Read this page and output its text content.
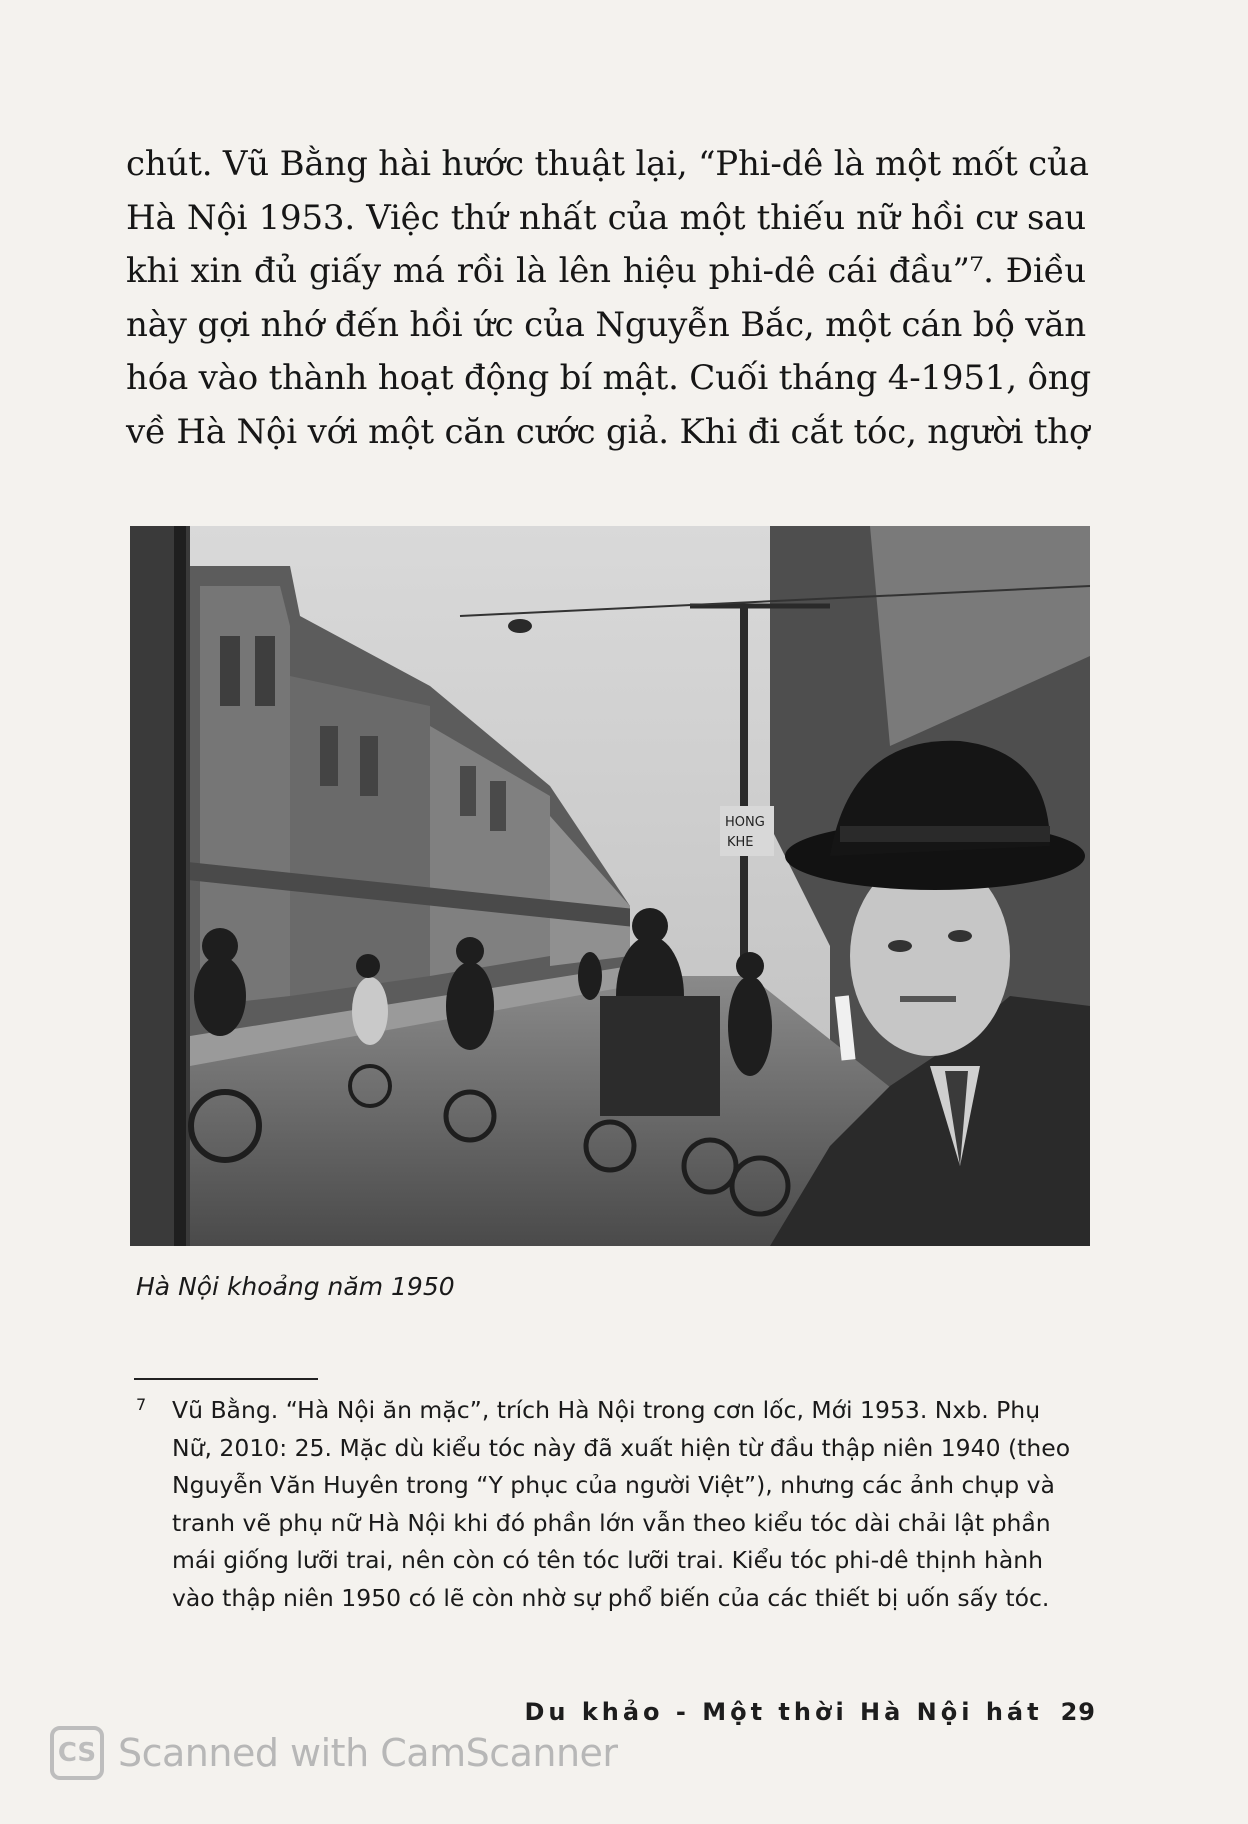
chút. Vũ Bằng hài hước thuật lại, “Phi-dê là một mốt của
Hà Nội 1953. Việc thứ nhất của một thiếu nữ hồi cư sau
khi xin đủ giấy má rồi là lên hiệu phi-dê cái đầu”⁷. Điều
này gợi nhớ đến hồi ức của Nguyễn Bắc, một cán bộ văn
hóa vào thành hoạt động bí mật. Cuối tháng 4-1951, ông
về Hà Nội với một căn cước giả. Khi đi cắt tóc, người thợ
HONG
KHE
Hà Nội khoảng năm 1950
7 Vũ Bằng. “Hà Nội ăn mặc”, trích Hà Nội trong cơn lốc, Mới 1953. Nxb. Phụ
Nữ, 2010: 25. Mặc dù kiểu tóc này đã xuất hiện từ đầu thập niên 1940 (theo
Nguyễn Văn Huyên trong “Y phục của người Việt”), nhưng các ảnh chụp và
tranh vẽ phụ nữ Hà Nội khi đó phần lớn vẫn theo kiểu tóc dài chải lật phần
mái giống lưỡi trai, nên còn có tên tóc lưỡi trai. Kiểu tóc phi-dê thịnh hành
vào thập niên 1950 có lẽ còn nhờ sự phổ biến của các thiết bị uốn sấy tóc.
Du khảo - Một thời Hà Nội hát 29
CS Scanned with CamScanner
